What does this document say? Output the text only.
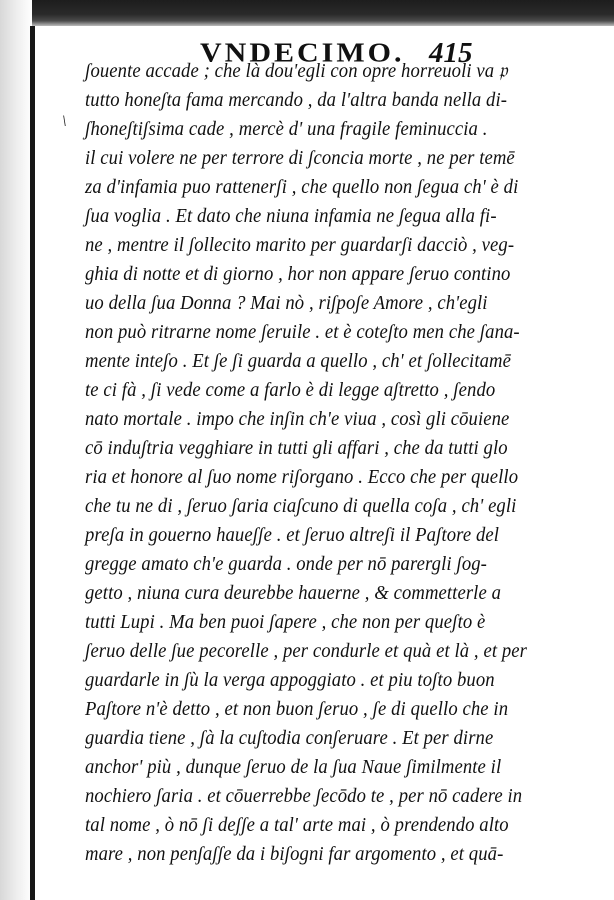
VNDECIMO. 415
\
ʃouente accade ; che là dou'egli con opre horreuoli va 𝔭
tutto honeʃta fama mercando , da l'altra banda nella di-
ʃhoneʃtiʃsima cade , mercè d' una fragile feminuccia .
il cui volere ne per terrore di ʃconcia morte , ne per temē
za d'infamia puo rattenerʃi , che quello non ʃegua ch' è di
ʃua voglia . Et dato che niuna infamia ne ʃegua alla fi-
ne , mentre il ʃollecito marito per guardarʃi dacciò , veg-
ghia di notte et di giorno , hor non appare ʃeruo contino
uo della ʃua Donna ? Mai nò , riʃpoʃe Amore , ch'egli
non può ritrarne nome ʃeruile . et è coteʃto men che ʃana-
mente inteʃo . Et ʃe ʃi guarda a quello , ch' et ʃollecitamē
te ci fà , ʃi vede come a farlo è di legge aʃtretto , ʃendo
nato mortale . impo che inʃin ch'e viua , così gli cōuiene
cō induʃtria vegghiare in tutti gli affari , che da tutti glo
ria et honore al ʃuo nome riʃorgano . Ecco che per quello
che tu ne di , ʃeruo ʃaria ciaʃcuno di quella coʃa , ch' egli
preʃa in gouerno haueʃʃe . et ʃeruo altreʃi il Paʃtore del
gregge amato ch'e guarda . onde per nō parergli ʃog-
getto , niuna cura deurebbe hauerne , & commetterle a
tutti Lupi . Ma ben puoi ʃapere , che non per queʃto è
ʃeruo delle ʃue pecorelle , per condurle et quà et là , et per
guardarle in ʃù la verga appoggiato . et piu toʃto buon
Paʃtore n'è detto , et non buon ʃeruo , ʃe di quello che in
guardia tiene , ʃà la cuʃtodia conʃeruare . Et per dirne
anchor' più , dunque ʃeruo de la ʃua Naue ʃimilmente il
nochiero ʃaria . et cōuerrebbe ʃecōdo te , per nō cadere in
tal nome , ò nō ʃi deʃʃe a tal' arte mai , ò prendendo alto
mare , non penʃaʃʃe da i biʃogni far argomento , et quā-
